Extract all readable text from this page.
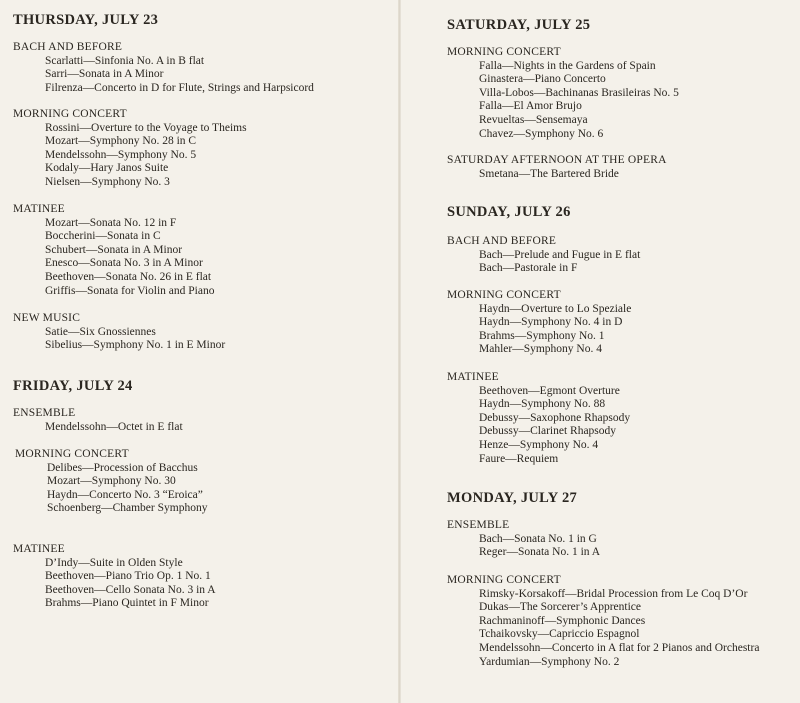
THURSDAY, JULY 23

BACH AND BEFORE

Scarlatti—Sinfonia No. A in B flat

Sarri—Sonata in A Minor

Filrenza—Concerto in D for Flute, Strings and Harpsicord

MORNING CONCERT

Rossini—Overture to the Voyage to Theims

Mozart—Symphony No. 28 in C

Mendelssohn—Symphony No. 5

Kodaly—Hary Janos Suite

Nielsen—Symphony No. 3

MATINEE

Mozart—Sonata No. 12 in F

Boccherini—Sonata in C

Schubert—Sonata in A Minor

Enesco—Sonata No. 3 in A Minor

Beethoven—Sonata No. 26 in E flat

Griffis—Sonata for Violin and Piano

NEW MUSIC

Satie—Six Gnossiennes

Sibelius—Symphony No. 1 in E Minor

FRIDAY, JULY 24

ENSEMBLE

Mendelssohn—Octet in E flat

MORNING CONCERT

Delibes—Procession of Bacchus

Mozart—Symphony No. 30

Haydn—Concerto No. 3 “Eroica”

Schoenberg—Chamber Symphony

MATINEE

D’Indy—Suite in Olden Style

Beethoven—Piano Trio Op. 1 No. 1

Beethoven—Cello Sonata No. 3 in A

Brahms—Piano Quintet in F Minor

SATURDAY, JULY 25

MORNING CONCERT

Falla—Nights in the Gardens of Spain

Ginastera—Piano Concerto

Villa-Lobos—Bachinanas Brasileiras No. 5

Falla—El Amor Brujo

Revueltas—Sensemaya

Chavez—Symphony No. 6

SATURDAY AFTERNOON AT THE OPERA

Smetana—The Bartered Bride

SUNDAY, JULY 26

BACH AND BEFORE

Bach—Prelude and Fugue in E flat

Bach—Pastorale in F

MORNING CONCERT

Haydn—Overture to Lo Speziale

Haydn—Symphony No. 4 in D

Brahms—Symphony No. 1

Mahler—Symphony No. 4

MATINEE

Beethoven—Egmont Overture

Haydn—Symphony No. 88

Debussy—Saxophone Rhapsody

Debussy—Clarinet Rhapsody

Henze—Symphony No. 4

Faure—Requiem

MONDAY, JULY 27

ENSEMBLE

Bach—Sonata No. 1 in G

Reger—Sonata No. 1 in A

MORNING CONCERT

Rimsky-Korsakoff—Bridal Procession from Le Coq D’Or

Dukas—The Sorcerer’s Apprentice

Rachmaninoff—Symphonic Dances

Tchaikovsky—Capriccio Espagnol

Mendelssohn—Concerto in A flat for 2 Pianos and Orchestra

Yardumian—Symphony No. 2
